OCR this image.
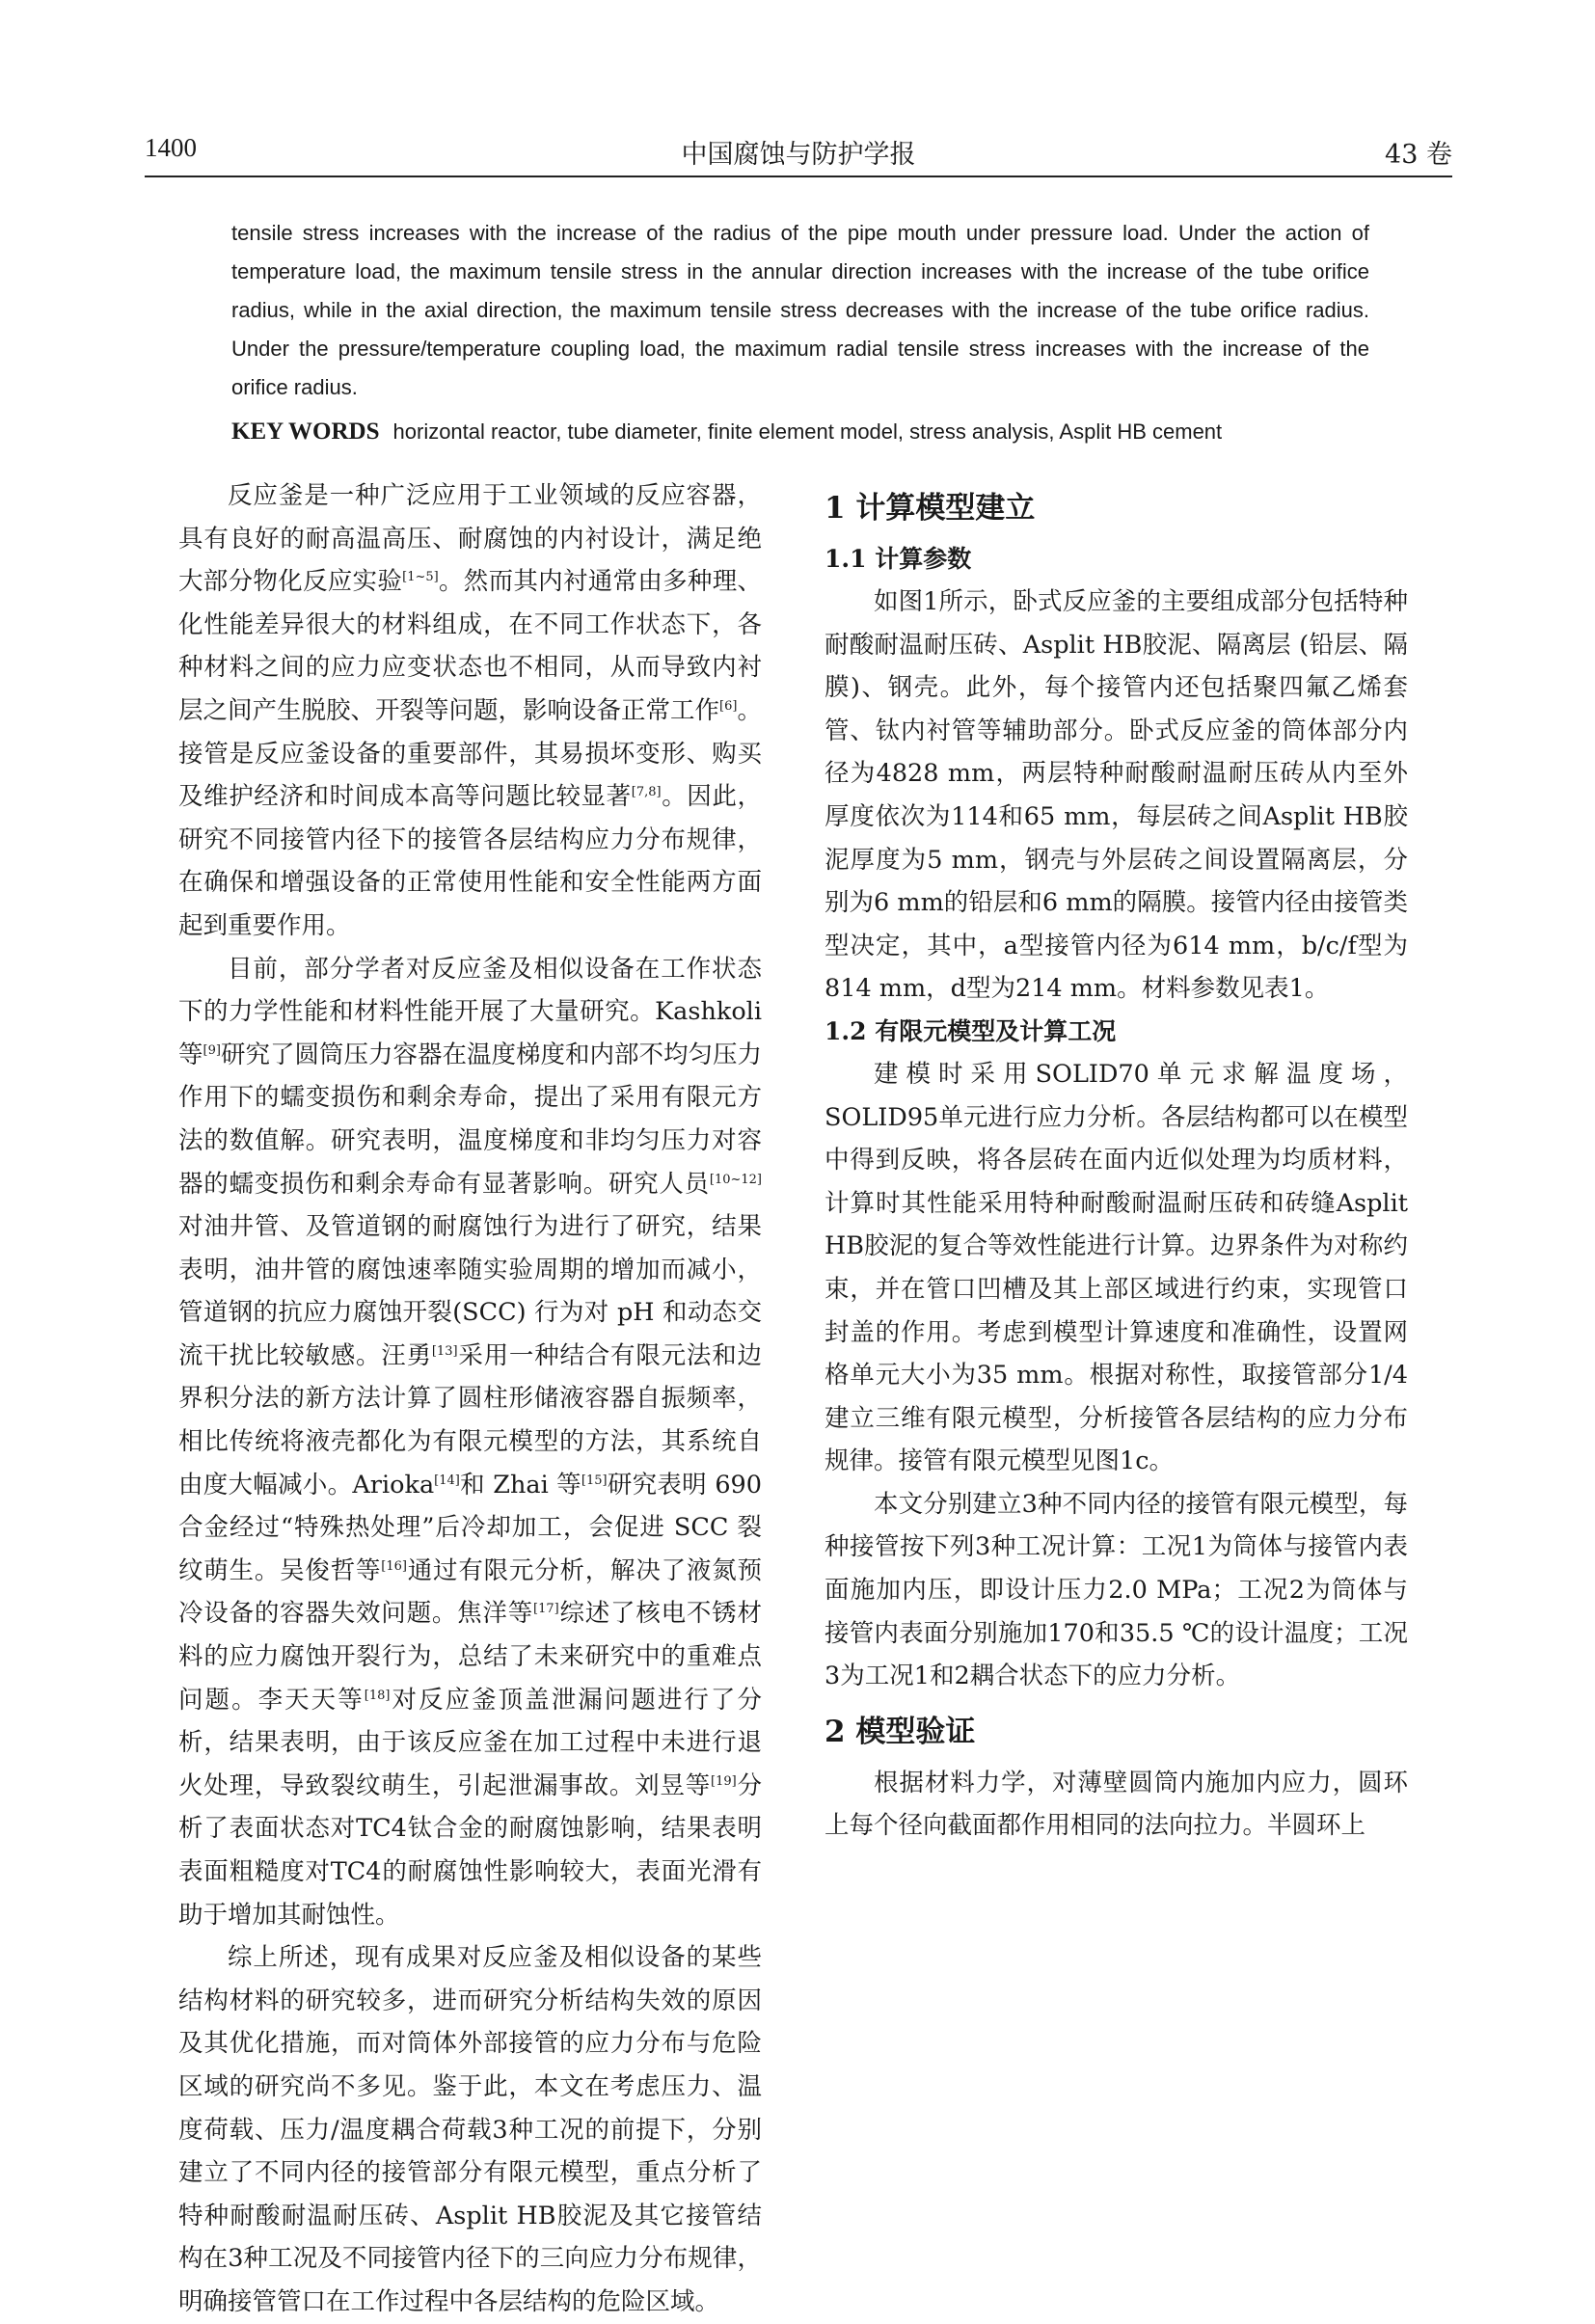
1400	中国腐蚀与防护学报	43 卷

tensile stress increases with the increase of the radius of the pipe mouth under pressure load. Under the action of temperature load, the maximum tensile stress in the annular direction increases with the increase of the tube orifice radius, while in the axial direction, the maximum tensile stress decreases with the increase of the tube orifice radius. Under the pressure/temperature coupling load, the maximum radial tensile stress increases with the increase of the orifice radius.

KEY WORDS horizontal reactor, tube diameter, finite element model, stress analysis, Asplit HB cement

反应釜是一种广泛应用于工业领域的反应容器，具有良好的耐高温高压、耐腐蚀的内衬设计，满足绝大部分物化反应实验[1~5]。然而其内衬通常由多种理、化性能差异很大的材料组成，在不同工作状态下，各种材料之间的应力应变状态也不相同，从而导致内衬层之间产生脱胶、开裂等问题，影响设备正常工作[6]。接管是反应釜设备的重要部件，其易损坏变形、购买及维护经济和时间成本高等问题比较显著[7,8]。因此，研究不同接管内径下的接管各层结构应力分布规律，在确保和增强设备的正常使用性能和安全性能两方面起到重要作用。

目前，部分学者对反应釜及相似设备在工作状态下的力学性能和材料性能开展了大量研究。Kashkoli等[9]研究了圆筒压力容器在温度梯度和内部不均匀压力作用下的蠕变损伤和剩余寿命，提出了采用有限元方法的数值解。研究表明，温度梯度和非均匀压力对容器的蠕变损伤和剩余寿命有显著影响。研究人员[10~12]对油井管、及管道钢的耐腐蚀行为进行了研究，结果表明，油井管的腐蚀速率随实验周期的增加而减小，管道钢的抗应力腐蚀开裂(SCC) 行为对 pH 和动态交流干扰比较敏感。汪勇[13]采用一种结合有限元法和边界积分法的新方法计算了圆柱形储液容器自振频率，相比传统将液壳都化为有限元模型的方法，其系统自由度大幅减小。Arioka[14]和 Zhai 等[15]研究表明 690 合金经过“特殊热处理”后冷却加工，会促进 SCC 裂纹萌生。吴俊哲等[16]通过有限元分析，解决了液氮预冷设备的容器失效问题。焦洋等[17]综述了核电不锈材料的应力腐蚀开裂行为，总结了未来研究中的重难点问题。李天天等[18]对反应釜顶盖泄漏问题进行了分析，结果表明，由于该反应釜在加工过程中未进行退火处理，导致裂纹萌生，引起泄漏事故。刘昱等[19]分析了表面状态对TC4钛合金的耐腐蚀影响，结果表明表面粗糙度对TC4的耐腐蚀性影响较大，表面光滑有助于增加其耐蚀性。

综上所述，现有成果对反应釜及相似设备的某些结构材料的研究较多，进而研究分析结构失效的原因及其优化措施，而对筒体外部接管的应力分布与危险区域的研究尚不多见。鉴于此，本文在考虑压力、温度荷载、压力/温度耦合荷载3种工况的前提下，分别建立了不同内径的接管部分有限元模型，重点分析了特种耐酸耐温耐压砖、Asplit HB胶泥及其它接管结构在3种工况及不同接管内径下的三向应力分布规律，明确接管管口在工作过程中各层结构的危险区域。

1 计算模型建立
1.1 计算参数

如图1所示，卧式反应釜的主要组成部分包括特种耐酸耐温耐压砖、Asplit HB胶泥、隔离层 (铅层、隔膜)、钢壳。此外，每个接管内还包括聚四氟乙烯套管、钛内衬管等辅助部分。卧式反应釜的筒体部分内径为4828 mm，两层特种耐酸耐温耐压砖从内至外厚度依次为114和65 mm，每层砖之间Asplit HB胶泥厚度为5 mm，钢壳与外层砖之间设置隔离层，分别为6 mm的铅层和6 mm的隔膜。接管内径由接管类型决定，其中，a型接管内径为614 mm，b/c/f型为814 mm，d型为214 mm。材料参数见表1。

1.2 有限元模型及计算工况

建模时采用SOLID70单元求解温度场，SOLID95单元进行应力分析。各层结构都可以在模型中得到反映，将各层砖在面内近似处理为均质材料，计算时其性能采用特种耐酸耐温耐压砖和砖缝Asplit HB胶泥的复合等效性能进行计算。边界条件为对称约束，并在管口凹槽及其上部区域进行约束，实现管口封盖的作用。考虑到模型计算速度和准确性，设置网格单元大小为35 mm。根据对称性，取接管部分1/4建立三维有限元模型，分析接管各层结构的应力分布规律。接管有限元模型见图1c。

本文分别建立3种不同内径的接管有限元模型，每种接管按下列3种工况计算：工况1为筒体与接管内表面施加内压，即设计压力2.0 MPa；工况2为筒体与接管内表面分别施加170和35.5 ℃的设计温度；工况3为工况1和2耦合状态下的应力分析。

2 模型验证

根据材料力学，对薄壁圆筒内施加内应力，圆环上每个径向截面都作用相同的法向拉力。半圆环上
